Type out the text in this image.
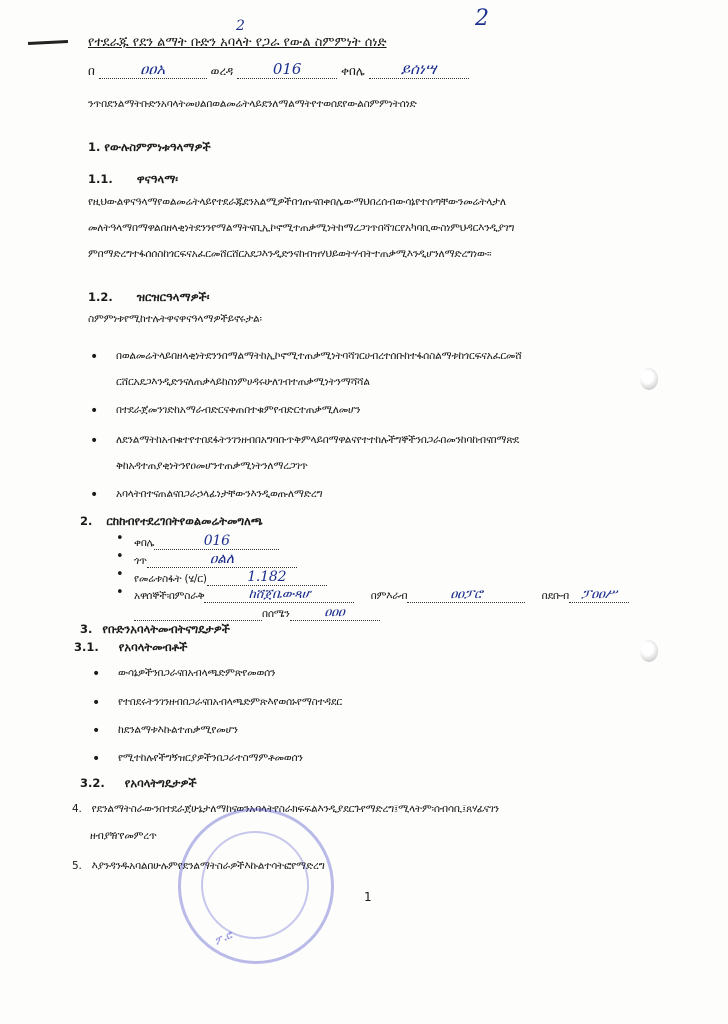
2
2
የተደራጁ የደን ልማት ቡድን አባላት የጋራ የውል ስምምነት ሰነድ
በ	ዐዐአ	ወረዳ	016	ቀበሌ ይሰነሣ
ንጥበደንልማትቡድንአባላትመሀልበወልመሬትላይደንለማልማትየተወሰደየውልስምምነትሰነድ
1. የውሉስምምነቱዓላማዎች
1.1. ዋናዓላማ፡
የዚህውልዋናዓላማየወልመሬትላይየተደራጁደንአልሚዎችበጎጡናበቀበሌውማህበረሰብውሳኔየተሰጣቸውንመሬትላታለ
መለትዓላማበማዋልበዘላቂነትደንንየማልማትናቢኢኮኖሚተጠቃሚነትከማረጋገጥበሻገርየአካባቢውስነምህዳርእንዲያገግ
ምበማድረግተፋሰሰስከጎርፍናአፈርመሸርሸርአደጋእንዲድንናከብዝሃህይወትሃብትተጠቃሚእንዲሆንለማድረግነው፡፡
1.2. ዝርዝርዓላማዎች፡
ስምምነቱየሚከተሉትዋናዋናዓላማዎችይኖሩታል፡
• በወልመሬትላይበዘላቂነትደንንበማልማትከኢኮኖሚተጠቃሚነትባሻገርሀብረተሰቡከተፋሰስልማቱከጎርፍናአፈርመሸ
ርሸርአደጋእንዲድንናለጠቃላይከስነምሀዳሩሁለገብተጠቃሚነትንማሻሻል
• በተደራጀመንገድከአማራብድርናቀጠበተቁምየብድርተጠቃሚለመሆን
• ለደንልማትከአብቁተየተበደፋትንገንዘብበአግባቡጥቅምላይበማዋልናየተተከሉችግኞችንበጋራበመንከባከብናበማጽደ
ቅከአዳተጠያቂነትንየዐመሆንተጠቃሚነትንለማረጋገጥ
• አባላትበተናጠልናበጋራኃላፊነታቸውንእንዲወጡለማድረግ
2. ርከከብየተደረገበትየወልመሬትመግለጫ
• ቀበሌ	016
• ጎጥ	ዐልለ
• የመሬቱስፋት (ሄ/ር)	1.182
• አዋሰኞች፡በምስራቅ	ከሸጀቤውጻሆ	በምእራብ	ዐዐፓሮ	በደቡብ ፓዐዐሥ
በሰሜን	ዐዐዐ
3. የቡድንአባላትመብትናግዴታዎች
3.1. የአባላትመብቶች
• ውሳኔዎችንበጋራናበአብላጫድምጽየመወሰን
• የተበደሩትንገንዘብበጋራናበአብላጫድምጽእየወሰኑየማስተዳደር
• ከደንልማቱእኩልተጠቃሚየመሆን
• የሚተከሉየችግኝዝርያዎችንበጋራተስማምቶመወሰን
3.2. የአባላትግዴታዎች
4. የደንልማትስራውንበተደራጀሁኔታለማከናወንአባላትየስራክፍፍልእንዲያደርጉየማድረግ፤ሚላትም፡ሰብሳቢ፤ጸሃፊናገን
ዘብያዥየመምረጥ
5. እያንዳንዱአባልበሁሉምየደንልማትስራዎችእኩልተሳትፎየማድረግ
1
ፖ.ሮ
